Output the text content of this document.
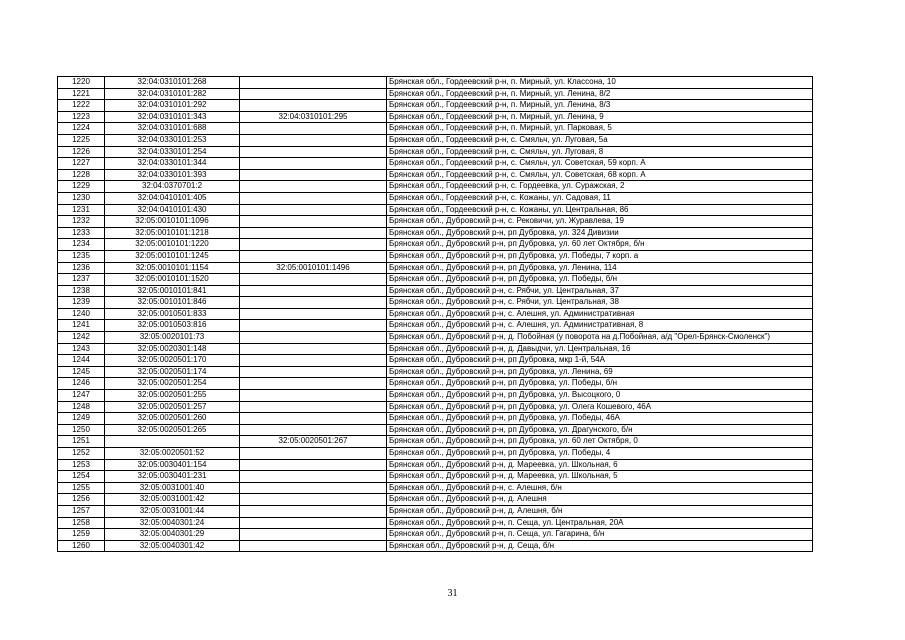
1220	32:04:0310101:268		Брянская обл., Гордеевский р-н, п. Мирный, ул. Классона, 10
1221	32:04:0310101:282		Брянская обл., Гордеевский р-н, п. Мирный, ул. Ленина, 8/2
1222	32:04:0310101:292		Брянская обл., Гордеевский р-н, п. Мирный, ул. Ленина, 8/3
1223	32:04:0310101:343	32:04:0310101:295	Брянская обл., Гордеевский р-н, п. Мирный, ул. Ленина, 9
1224	32:04:0310101:688		Брянская обл., Гордеевский р-н, п. Мирный, ул. Парковая, 5
1225	32:04:0330101:253		Брянская обл., Гордеевский р-н, с. Смяльч, ул. Луговая, 5а
1226	32:04:0330101:254		Брянская обл., Гордеевский р-н, с. Смяльч, ул. Луговая, 8
1227	32:04:0330101:344		Брянская обл., Гордеевский р-н, с. Смяльч, ул. Советская, 59 корп. А
1228	32:04:0330101:393		Брянская обл., Гордеевский р-н, с. Смяльч, ул. Советская, 68 корп. А
1229	32:04:0370701:2		Брянская обл., Гордеевский р-н, с. Гордеевка, ул. Суражская, 2
1230	32:04:0410101:405		Брянская обл., Гордеевский р-н, с. Кожаны, ул. Садовая, 11
1231	32:04:0410101:430		Брянская обл., Гордеевский р-н, с. Кожаны, ул. Центральная, 86
1232	32:05:0010101:1096		Брянская обл., Дубровский р-н, с. Рековичи, ул. Журавлева, 19
1233	32:05:0010101:1218		Брянская обл., Дубровский р-н, рп Дубровка, ул. 324 Дивизии
1234	32:05:0010101:1220		Брянская обл., Дубровский р-н, рп Дубровка, ул. 60 лет Октября, б/н
1235	32:05:0010101:1245		Брянская обл., Дубровский р-н, рп Дубровка, ул. Победы, 7 корп. а
1236	32:05:0010101:1154	32:05:0010101:1496	Брянская обл., Дубровский р-н, рп Дубровка, ул. Ленина, 114
1237	32:05:0010101:1520		Брянская обл., Дубровский р-н, рп Дубровка, ул. Победы, б/н
1238	32:05:0010101:841		Брянская обл., Дубровский р-н, с. Рябчи, ул. Центральная, 37
1239	32:05:0010101:846		Брянская обл., Дубровский р-н, с. Рябчи, ул. Центральная, 38
1240	32:05:0010501:833		Брянская обл., Дубровский р-н, с. Алешня, ул. Административная
1241	32:05:0010503:816		Брянская обл., Дубровский р-н, с. Алешня, ул. Административная, 8
1242	32:05:0020101:73		Брянская обл., Дубровский р-н, д. Побойная (у поворота на д.Побойная, а/д "Орел-Брянск-Смоленск")
1243	32:05:0020301:148		Брянская обл., Дубровский р-н, д. Давыдчи, ул. Центральная, 16
1244	32:05:0020501:170		Брянская обл., Дубровский р-н, рп Дубровка, мкр 1-й, 54А
1245	32:05:0020501:174		Брянская обл., Дубровский р-н, рп Дубровка, ул. Ленина, 69
1246	32:05:0020501:254		Брянская обл., Дубровский р-н, рп Дубровка, ул. Победы, б/н
1247	32:05:0020501:255		Брянская обл., Дубровский р-н, рп Дубровка, ул. Высоцкого, 0
1248	32:05:0020501:257		Брянская обл., Дубровский р-н, рп Дубровка, ул. Олега Кошевого, 46А
1249	32:05:0020501:260		Брянская обл., Дубровский р-н, рп Дубровка, ул. Победы, 46А
1250	32:05:0020501:265		Брянская обл., Дубровский р-н, рп Дубровка, ул. Драгунского, б/н
1251		32:05:0020501:267	Брянская обл., Дубровский р-н, рп Дубровка, ул. 60 лет Октября, 0
1252	32:05:0020501:52		Брянская обл., Дубровский р-н, рп Дубровка, ул. Победы, 4
1253	32:05:0030401:154		Брянская обл., Дубровский р-н, д. Мареевка, ул. Школьная, 6
1254	32:05:0030401:231		Брянская обл., Дубровский р-н, д. Мареевка, ул. Школьная, 5
1255	32:05:0031001:40		Брянская обл., Дубровский р-н, с. Алешня, б/н
1256	32:05:0031001:42		Брянская обл., Дубровский р-н, д. Алешня
1257	32:05:0031001:44		Брянская обл., Дубровский р-н, д. Алешня, б/н
1258	32:05:0040301:24		Брянская обл., Дубровский р-н, п. Сеща, ул. Центральная, 20А
1259	32:05:0040301:29		Брянская обл., Дубровский р-н, п. Сеща, ул. Гагарина, б/н
1260	32:05:0040301:42		Брянская обл., Дубровский р-н, д. Сеща, б/н
31
